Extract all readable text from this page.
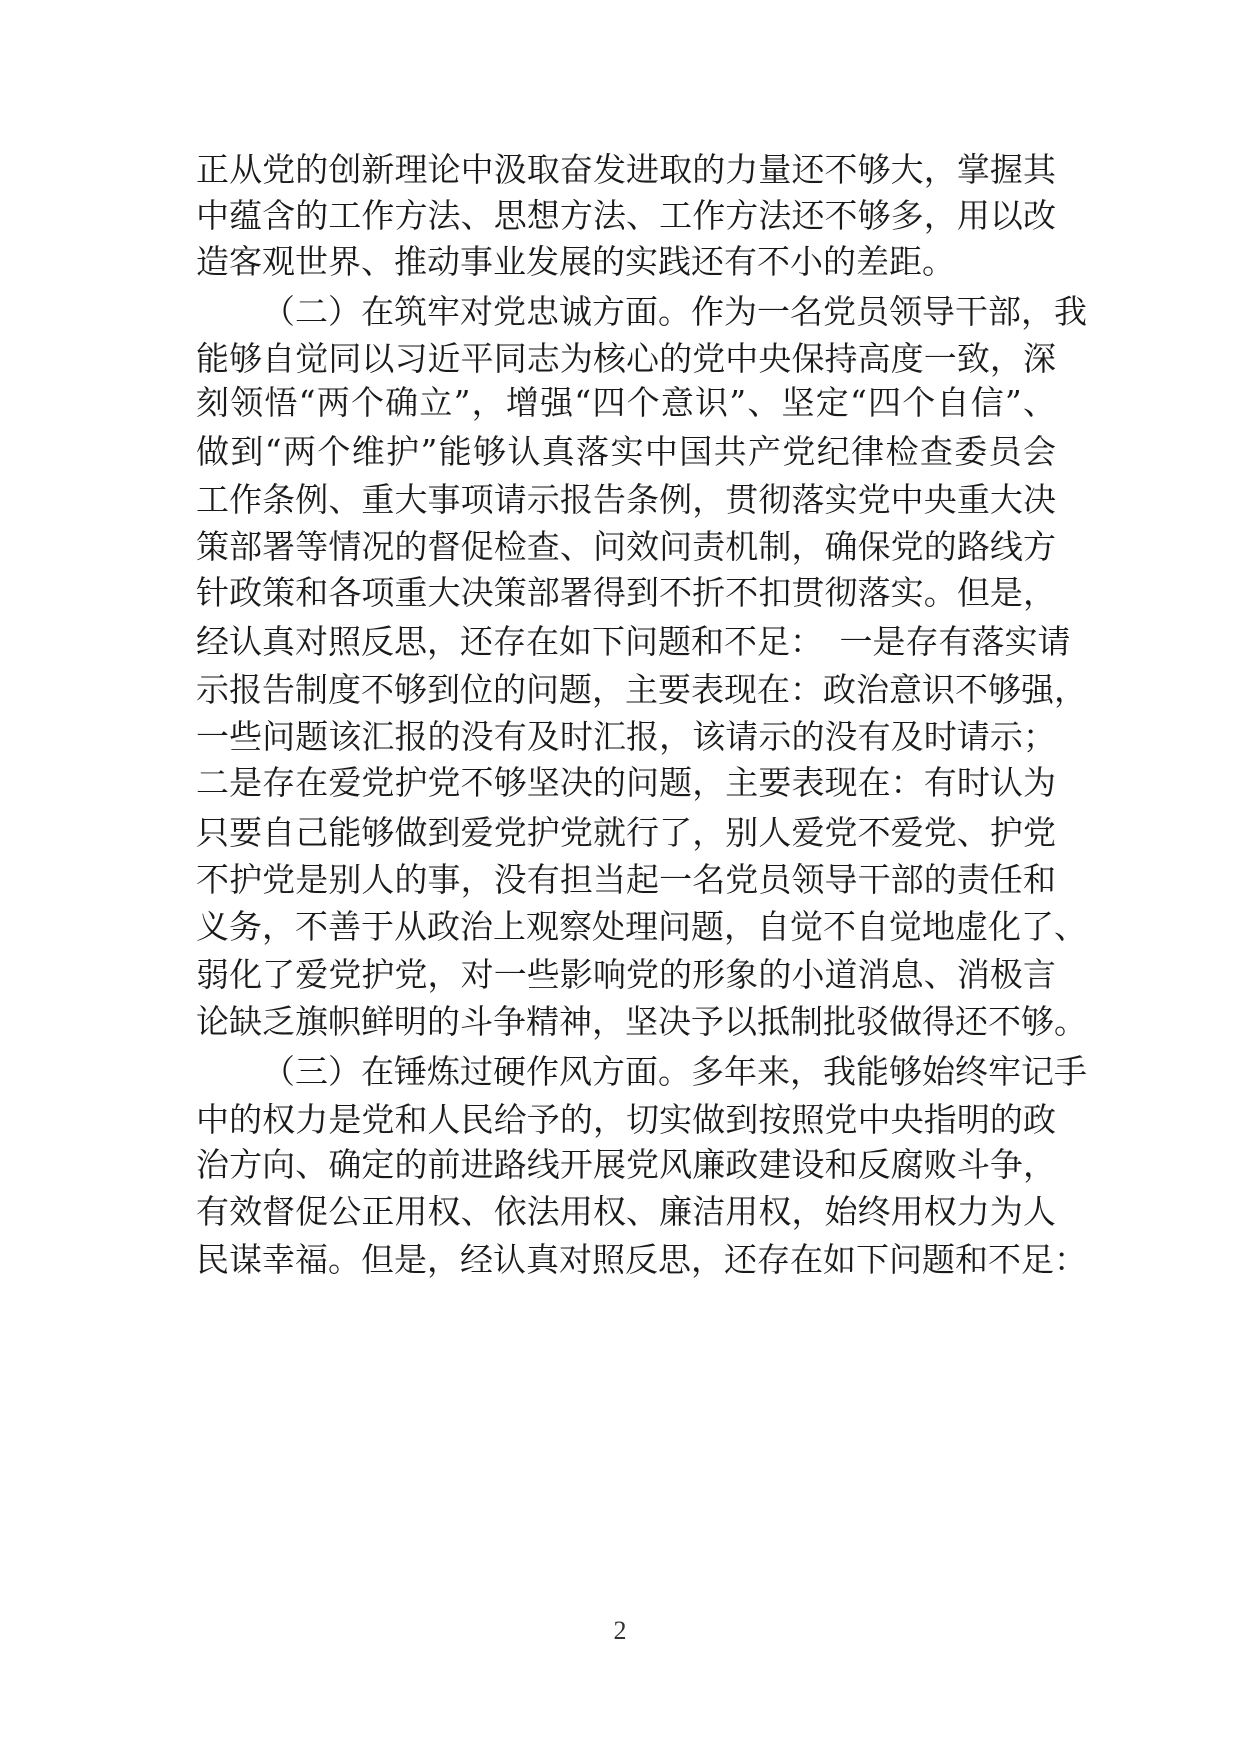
正从党的创新理论中汲取奋发进取的力量还不够大，掌握其
中蕴含的工作方法、思想方法、工作方法还不够多，用以改
造客观世界、推动事业发展的实践还有不小的差距。
（二）在筑牢对党忠诚方面。作为一名党员领导干部，我
能够自觉同以习近平同志为核心的党中央保持高度一致，深
刻领悟“两个确立”，增强“四个意识”、坚定“四个自信”、
做到“两个维护”能够认真落实中国共产党纪律检查委员会
工作条例、重大事项请示报告条例，贯彻落实党中央重大决
策部署等情况的督促检查、问效问责机制，确保党的路线方
针政策和各项重大决策部署得到不折不扣贯彻落实。但是，
经认真对照反思，还存在如下问题和不足：　一是存有落实请
示报告制度不够到位的问题，主要表现在：政治意识不够强，
一些问题该汇报的没有及时汇报，该请示的没有及时请示；
二是存在爱党护党不够坚决的问题，主要表现在：有时认为
只要自己能够做到爱党护党就行了，别人爱党不爱党、护党
不护党是别人的事，没有担当起一名党员领导干部的责任和
义务，不善于从政治上观察处理问题，自觉不自觉地虚化了、
弱化了爱党护党，对一些影响党的形象的小道消息、消极言
论缺乏旗帜鲜明的斗争精神，坚决予以抵制批驳做得还不够。
（三）在锤炼过硬作风方面。多年来，我能够始终牢记手
中的权力是党和人民给予的，切实做到按照党中央指明的政
治方向、确定的前进路线开展党风廉政建设和反腐败斗争，
有效督促公正用权、依法用权、廉洁用权，始终用权力为人
民谋幸福。但是，经认真对照反思，还存在如下问题和不足：
2
